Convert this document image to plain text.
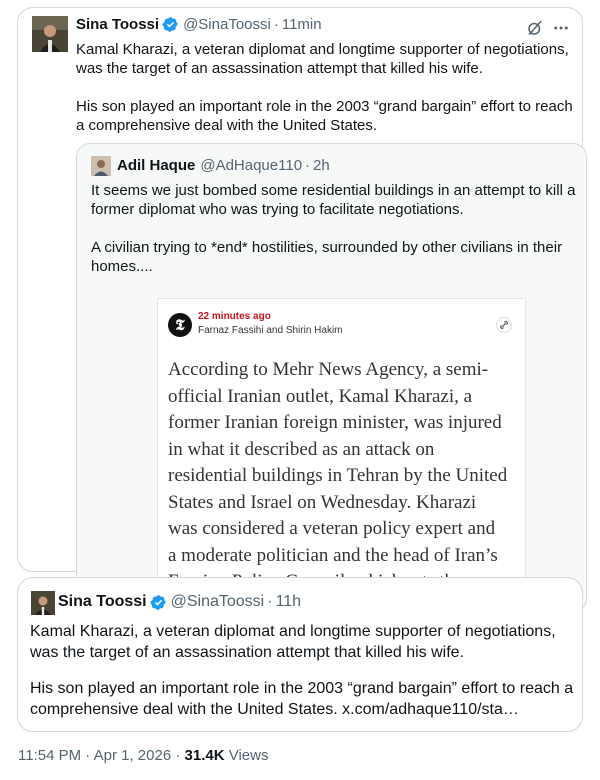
Sina Toossi @SinaToossi · 11min
Kamal Kharazi, a veteran diplomat and longtime supporter of negotiations, was the target of an assassination attempt that killed his wife.
His son played an important role in the 2003 “grand bargain” effort to reach a comprehensive deal with the United States.
Adil Haque @AdHaque110 · 2h
It seems we just bombed some residential buildings in an attempt to kill a former diplomat who was trying to facilitate negotiations.
A civilian trying to *end* hostilities, surrounded by other civilians in their homes....
𝕿	22 minutes ago
Farnaz Fassihi and Shirin Hakim
According to Mehr News Agency, a semi-
official Iranian outlet, Kamal Kharazi, a
former Iranian foreign minister, was injured
in what it described as an attack on
residential buildings in Tehran by the United
States and Israel on Wednesday. Kharazi
was considered a veteran policy expert and
a moderate politician and the head of Iran’s
Sina Toossi @SinaToossi · 11h
Kamal Kharazi, a veteran diplomat and longtime supporter of negotiations, was the target of an assassination attempt that killed his wife.
His son played an important role in the 2003 “grand bargain” effort to reach a comprehensive deal with the United States. x.com/adhaque110/sta…
11:54 PM · Apr 1, 2026 · 31.4K Views
